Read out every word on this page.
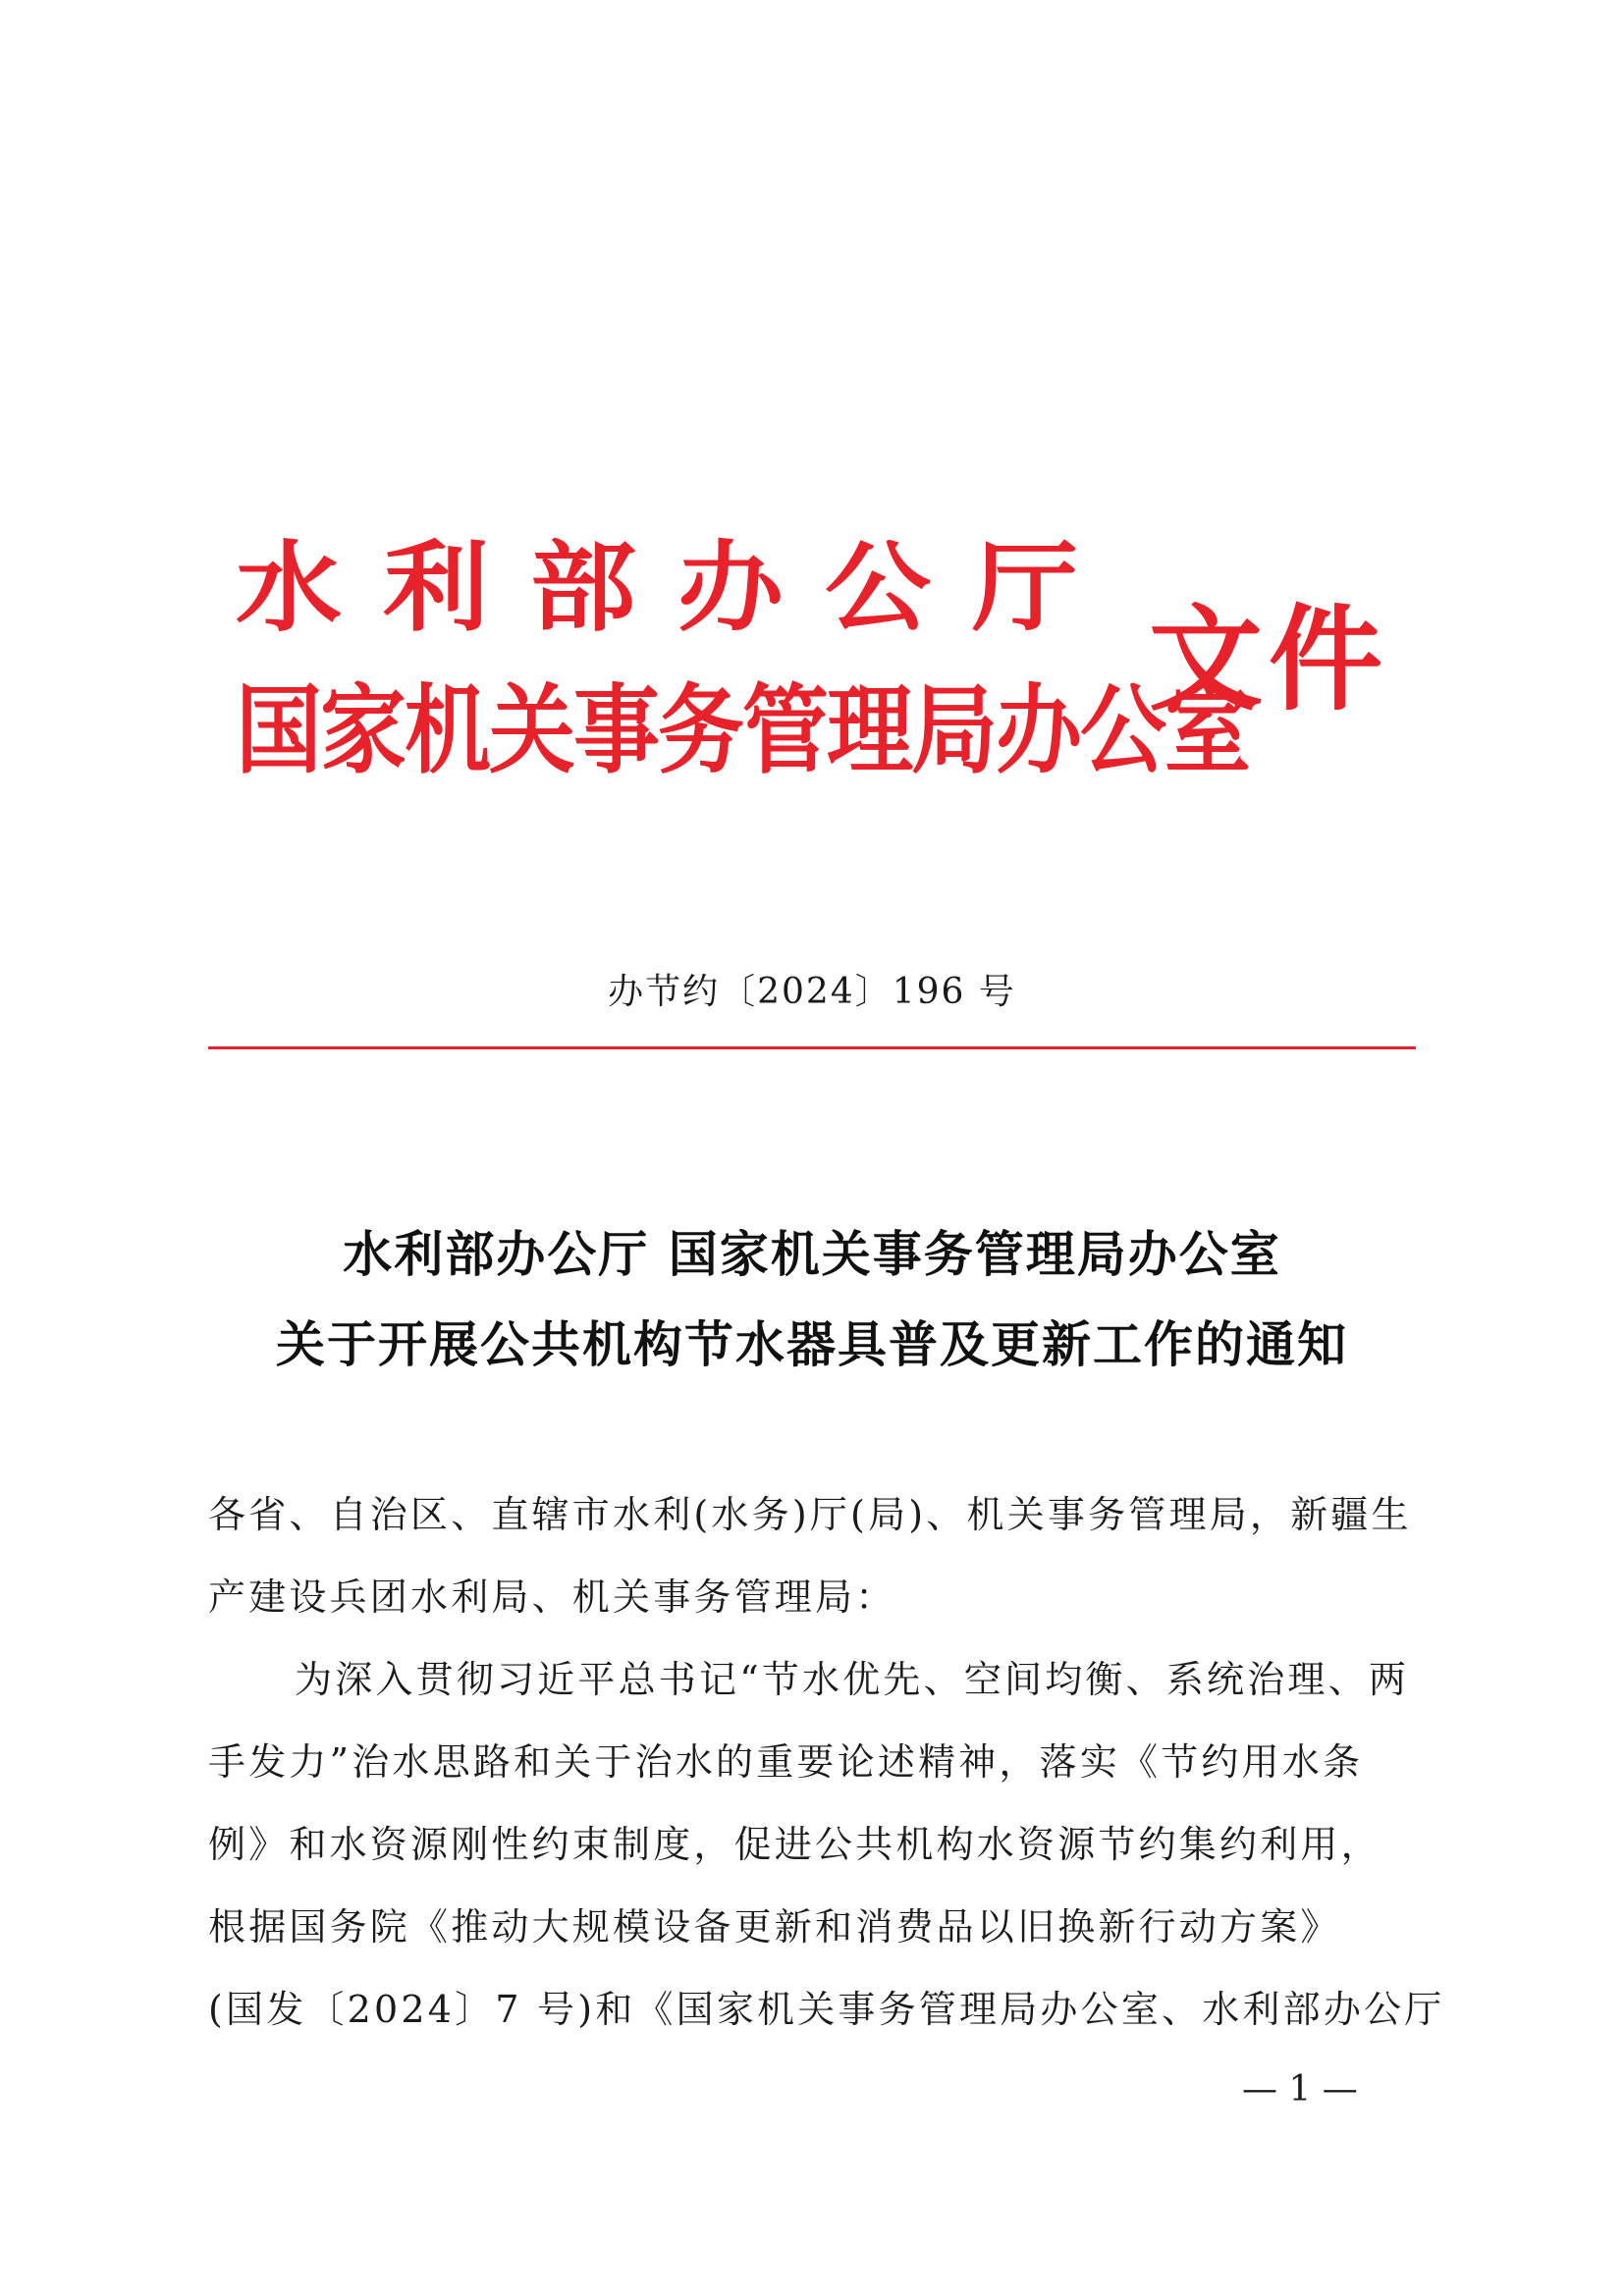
水利部办公厅
国家机关事务管理局办公室
文件
办节约〔2024〕196 号
水利部办公厅 国家机关事务管理局办公室
关于开展公共机构节水器具普及更新工作的通知
各省、自治区、直辖市水利(水务)厅(局)、机关事务管理局，新疆生
产建设兵团水利局、机关事务管理局：
为深入贯彻习近平总书记“节水优先、空间均衡、系统治理、两
手发力”治水思路和关于治水的重要论述精神，落实《节约用水条
例》和水资源刚性约束制度，促进公共机构水资源节约集约利用，
根据国务院《推动大规模设备更新和消费品以旧换新行动方案》
(国发〔2024〕7 号)和《国家机关事务管理局办公室、水利部办公厅
— 1 —
